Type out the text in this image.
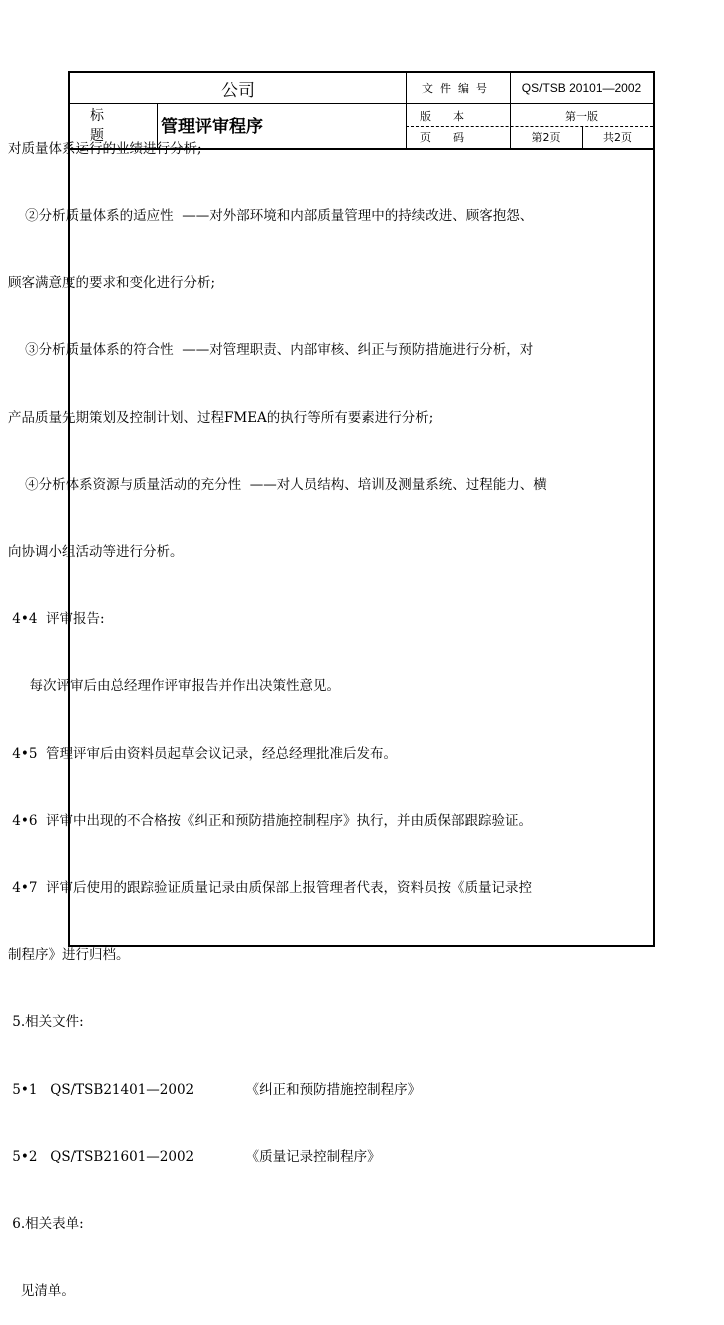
公司
标题	管理评审程序
文件编号	QS/TSB 20101—2002
版 本	第一版
页 码	第2页	共2页

对质量体系运行的业绩进行分析;

②分析质量体系的适应性  ——对外部环境和内部质量管理中的持续改进、顾客抱怨、

顾客满意度的要求和变化进行分析;

③分析质量体系的符合性  ——对管理职责、内部审核、纠正与预防措施进行分析，对

产品质量先期策划及控制计划、过程FMEA的执行等所有要素进行分析;

④分析体系资源与质量活动的充分性  ——对人员结构、培训及测量系统、过程能力、横

向协调小组活动等进行分析。

4•4  评审报告:

每次评审后由总经理作评审报告并作出决策性意见。

4•5  管理评审后由资料员起草会议记录，经总经理批准后发布。

4•6  评审中出现的不合格按《纠正和预防措施控制程序》执行，并由质保部跟踪验证。

4•7  评审后使用的跟踪验证质量记录由质保部上报管理者代表，资料员按《质量记录控

制程序》进行归档。

5.相关文件:

5•1   QS/TSB21401—2002            《纠正和预防措施控制程序》

5•2   QS/TSB21601—2002            《质量记录控制程序》

6.相关表单:

见清单。
